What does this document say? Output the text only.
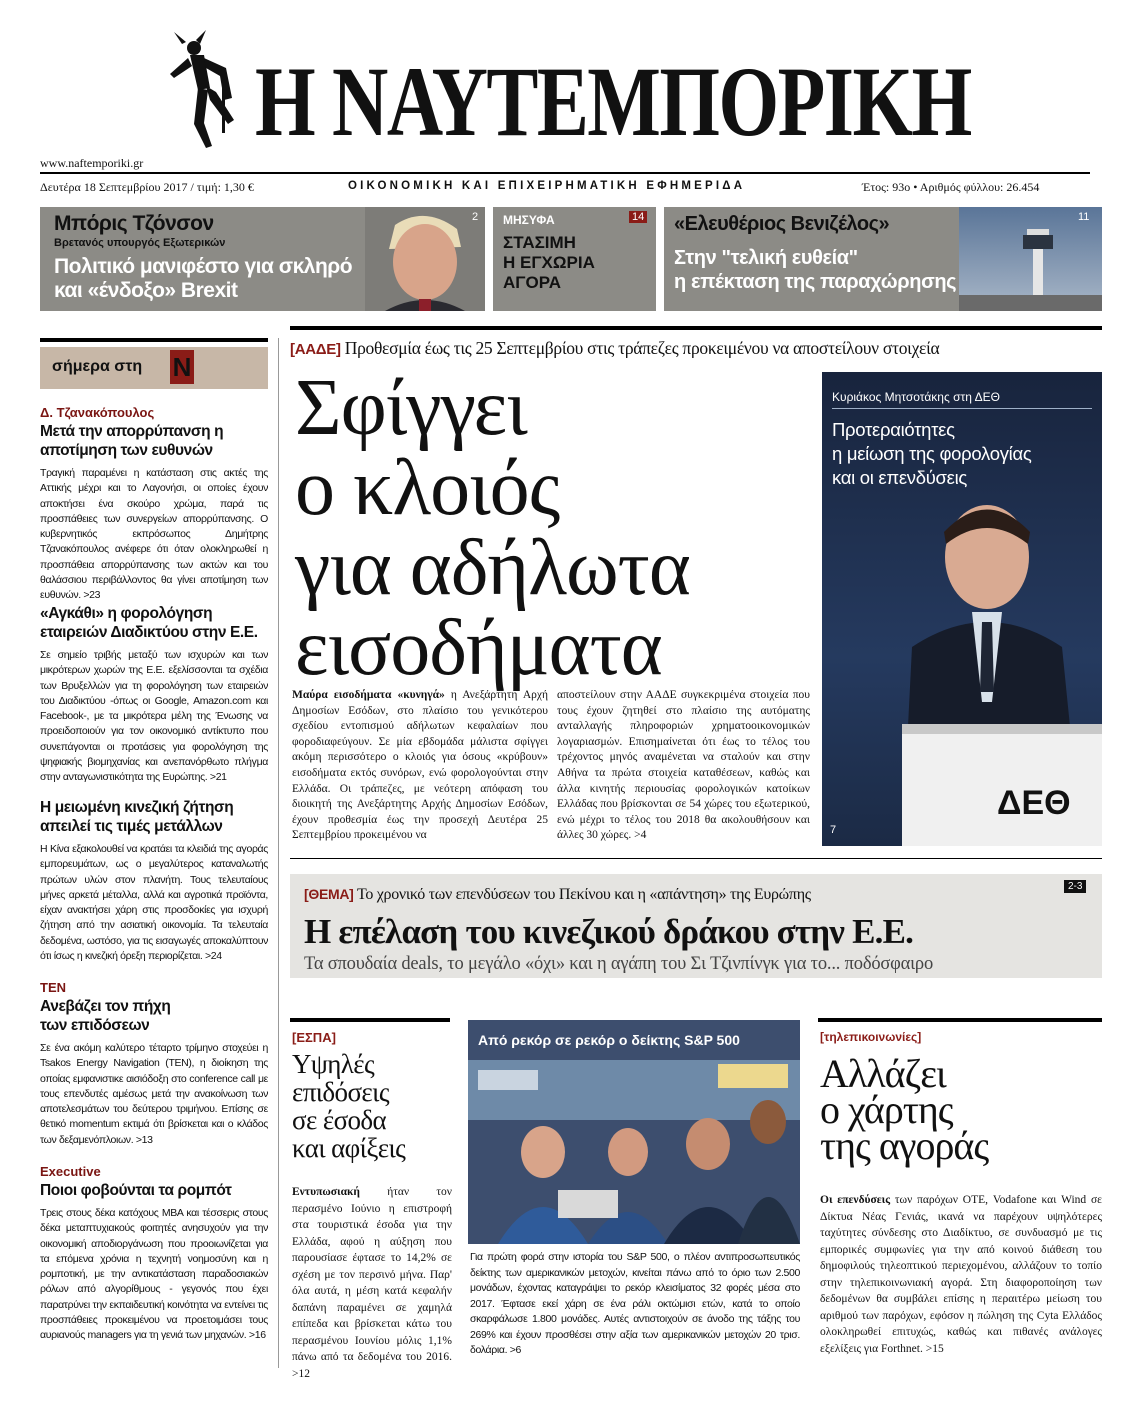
Η ΝΑΥΤΕΜΠΟΡΙΚΗ
www.naftemporiki.gr
Δευτέρα 18 Σεπτεμβρίου 2017 / τιμή: 1,30 €	ΟΙΚΟΝΟΜΙΚΗ ΚΑΙ ΕΠΙΧΕΙΡΗΜΑΤΙΚΗ ΕΦΗΜΕΡΙΔΑ	Έτος: 93ο • Αριθμός φύλλου: 26.454
Μπόρις Τζόνσον
Βρετανός υπουργός Εξωτερικών
Πολιτικό μανιφέστο για σκληρό
και «ένδοξο» Brexit
2 ΜΗΣΥΦΑ	14
ΣΤΑΣΙΜΗ
Η ΕΓΧΩΡΙΑ
ΑΓΟΡΑ
«Ελευθέριος Βενιζέλος»
Στην "τελική ευθεία"
η επέκταση της παραχώρησης
11
σήμερα στη Ν
Δ. Τζανακόπουλος
Μετά την απορρύπανση η αποτίμηση των ευθυνών
Τραγική παραμένει η κατάσταση στις ακτές της Αττικής μέχρι και το Λαγονήσι, οι οποίες έχουν αποκτήσει ένα σκούρο χρώμα, παρά τις προσπάθειες των συνεργείων απορρύπανσης. Ο κυβερνητικός εκπρόσωπος Δημήτρης Τζανακόπουλος ανέφερε ότι όταν ολοκληρωθεί η προσπάθεια απορρύπανσης των ακτών και του θαλάσσιου περιβάλλοντος θα γίνει αποτίμηση των ευθυνών. >23
«Αγκάθι» η φορολόγηση εταιρειών Διαδικτύου στην Ε.Ε.
Σε σημείο τριβής μεταξύ των ισχυρών και των μικρότερων χωρών της Ε.Ε. εξελίσσονται τα σχέδια των Βρυξελλών για τη φορολόγηση των εταιρειών του Διαδικτύου -όπως οι Google, Amazon.com και Facebook-, με τα μικρότερα μέλη της Ένωσης να προειδοποιούν για τον οικονομικό αντίκτυπο που συνεπάγονται οι προτάσεις για φορολόγηση της ψηφιακής βιομηχανίας και ανεπανόρθωτο πλήγμα στην ανταγωνιστικότητα της Ευρώπης. >21
Η μειωμένη κινεζική ζήτηση απειλεί τις τιμές μετάλλων
Η Κίνα εξακολουθεί να κρατάει τα κλειδιά της αγοράς εμπορευμάτων, ως ο μεγαλύτερος καταναλωτής πρώτων υλών στον πλανήτη. Τους τελευταίους μήνες αρκετά μέταλλα, αλλά και αγροτικά προϊόντα, είχαν ανακτήσει χάρη στις προσδοκίες για ισχυρή ζήτηση από την ασιατική οικονομία. Τα τελευταία δεδομένα, ωστόσο, για τις εισαγωγές αποκαλύπτουν ότι ίσως η κινεζική όρεξη περιορίζεται. >24
TEN
Ανεβάζει τον πήχη των επιδόσεων
Σε ένα ακόμη καλύτερο τέταρτο τρίμηνο στοχεύει η Tsakos Energy Navigation (TEN), η διοίκηση της οποίας εμφανιστικε αισιόδοξη στο conference call με τους επενδυτές αμέσως μετά την ανακοίνωση των αποτελεσμάτων του δεύτερου τριμήνου. Επίσης σε θετικό momentum εκτιμά ότι βρίσκεται και ο κλάδος των δεξαμενόπλοιων. >13
Executive
Ποιοι φοβούνται τα ρομπότ
Τρεις στους δέκα κατόχους MBA και τέσσερις στους δέκα μεταπτυχιακούς φοιτητές ανησυχούν για την οικονομική αποδιοργάνωση που προοιωνίζεται για τα επόμενα χρόνια η τεχνητή νοημοσύνη και η ρομποτική, με την αντικατάσταση παραδοσιακών ρόλων από αλγορίθμους - γεγονός που έχει παρατρύνει την εκπαιδευτική κοινότητα να εντείνει τις προσπάθειες προκειμένου να προετοιμάσει τους αυριανούς managers για τη γενιά των μηχανών. >16
[ΑΑΔΕ] Προθεσμία έως τις 25 Σεπτεμβρίου στις τράπεζες προκειμένου να αποστείλουν στοιχεία
Σφίγγει
ο κλοιός
για αδήλωτα
εισοδήματα
Μαύρα εισοδήματα «κυνηγά» η Ανεξάρτητη Αρχή Δημοσίων Εσόδων, στο πλαίσιο του γενικότερου σχεδίου εντοπισμού αδήλωτων κεφαλαίων που φοροδιαφεύγουν. Σε μία εβδομάδα μάλιστα σφίγγει ακόμη περισσότερο ο κλοιός για όσους «κρύβουν» εισοδήματα εκτός συνόρων, ενώ φορολογούνται στην Ελλάδα. Οι τράπεζες, με νεότερη απόφαση του διοικητή της Ανεξάρτητης Αρχής Δημοσίων Εσόδων, έχουν προθεσμία έως την προσεχή Δευτέρα 25 Σεπτεμβρίου προκειμένου να
αποστείλουν στην ΑΑΔΕ συγκεκριμένα στοιχεία που τους έχουν ζητηθεί στο πλαίσιο της αυτόματης ανταλλαγής πληροφοριών χρηματοοικονομικών λογαριασμών. Επισημαίνεται ότι έως το τέλος του τρέχοντος μηνός αναμένεται να σταλούν και στην Αθήνα τα πρώτα στοιχεία καταθέσεων, καθώς και άλλα κινητής περιουσίας φορολογικών κατοίκων Ελλάδας που βρίσκονται σε 54 χώρες του εξωτερικού, ενώ μέχρι το τέλος του 2018 θα ακολουθήσουν και άλλες 30 χώρες. >4
Κυριάκος Μητσοτάκης στη ΔΕΘ
Προτεραιότητες
η μείωση της φορολογίας
και οι επενδύσεις
ΔΕΘ
7
[ΘΕΜΑ] Το χρονικό των επενδύσεων του Πεκίνου και η «απάντηση» της Ευρώπης	2-3
Η επέλαση του κινεζικού δράκου στην Ε.Ε.
Τα σπουδαία deals, το μεγάλο «όχι» και η αγάπη του Σι Τζινπίνγκ για το... ποδόσφαιρο
[ΕΣΠΑ]
Υψηλές
επιδόσεις
σε έσοδα
και αφίξεις
Εντυπωσιακή ήταν τον περασμένο Ιούνιο η επιστροφή στα τουριστικά έσοδα για την Ελλάδα, αφού η αύξηση που παρουσίασε έφτασε το 14,2% σε σχέση με τον περσινό μήνα. Παρ' όλα αυτά, η μέση κατά κεφαλήν δαπάνη παραμένει σε χαμηλά επίπεδα και βρίσκεται κάτω του περασμένου Ιουνίου μόλις 1,1% πάνω από τα δεδομένα του 2016. >12
Από ρεκόρ σε ρεκόρ ο δείκτης S&P 500
Για πρώτη φορά στην ιστορία του S&P 500, ο πλέον αντιπροσωπευτικός δείκτης των αμερικανικών μετοχών, κινείται πάνω από το όριο των 2.500 μονάδων, έχοντας καταγράψει το ρεκόρ κλεισίματος 32 φορές μέσα στο 2017. Έφτασε εκεί χάρη σε ένα ράλι οκτώμισι ετών, κατά το οποίο σκαρφάλωσε 1.800 μονάδες. Αυτές αντιστοιχούν σε άνοδο της τάξης του 269% και έχουν προσθέσει στην αξία των αμερικανικών μετοχών 20 τρισ. δολάρια. >6
[τηλεπικοινωνίες]
Αλλάζει
ο χάρτης
της αγοράς
Οι επενδύσεις των παρόχων ΟΤΕ, Vodafone και Wind σε Δίκτυα Νέας Γενιάς, ικανά να παρέχουν υψηλότερες ταχύτητες σύνδεσης στο Διαδίκτυο, σε συνδυασμό με τις εμπορικές συμφωνίες για την από κοινού διάθεση του δημοφιλούς τηλεοπτικού περιεχομένου, αλλάζουν το τοπίο στην τηλεπικοινωνιακή αγορά. Στη διαφοροποίηση των δεδομένων θα συμβάλει επίσης η περαιτέρω μείωση του αριθμού των παρόχων, εφόσον η πώληση της Cyta Ελλάδος ολοκληρωθεί επιτυχώς, καθώς και πιθανές ανάλογες εξελίξεις για Forthnet. >15
